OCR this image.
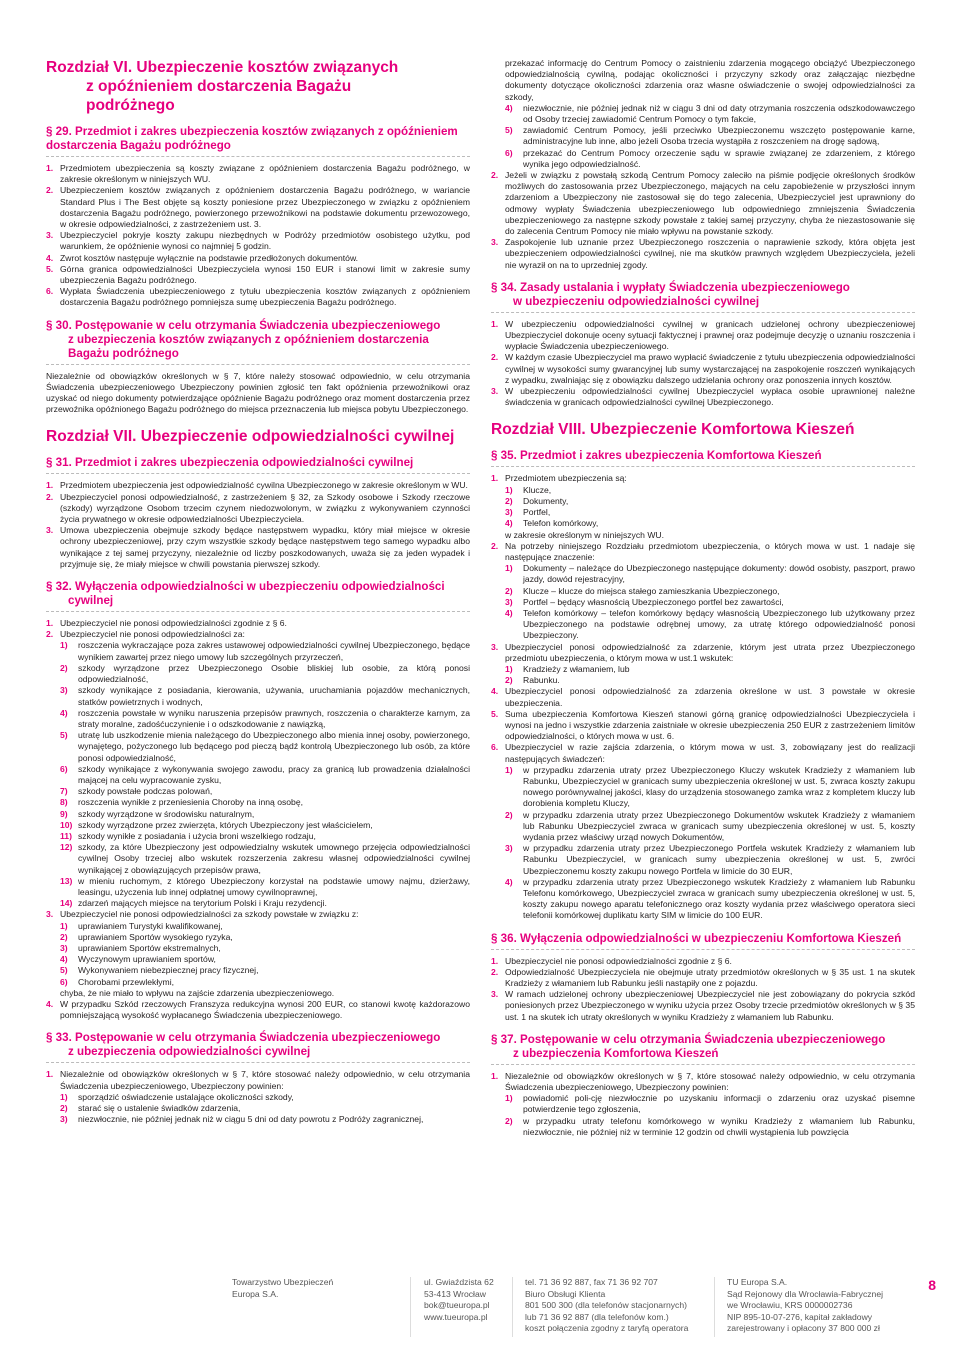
Rozdział VI. Ubezpieczenie kosztów związanych

z opóźnieniem dostarczenia Bagażu
podróżnego
§ 29. Przedmiot i zakres ubezpieczenia kosztów związanych z opóźnieniem dostarczenia Bagażu podróżnego
1. Przedmiotem ubezpieczenia są koszty związane z opóźnieniem dostarczenia Bagażu podróżnego, w zakresie określonym w niniejszych WU.
2. Ubezpieczeniem kosztów związanych z opóźnieniem dostarczenia Bagażu podróżnego, w wariancie Standard Plus i The Best objęte są koszty poniesione przez Ubezpieczonego w związku z opóźnieniem dostarczenia Bagażu podróżnego, powierzonego przewoźnikowi na podstawie dokumentu przewozowego, w okresie odpowiedzialności, z zastrzeżeniem ust. 3.
3. Ubezpieczyciel pokryje koszty zakupu niezbędnych w Podróży przedmiotów osobistego użytku, pod warunkiem, że opóźnienie wynosi co najmniej 5 godzin.
4. Zwrot kosztów następuje wyłącznie na podstawie przedłożonych dokumentów.
5. Górna granica odpowiedzialności Ubezpieczyciela wynosi 150 EUR i stanowi limit w zakresie sumy ubezpieczenia Bagażu podróżnego.
6. Wypłata Świadczenia ubezpieczeniowego z tytułu ubezpieczenia kosztów związanych z opóźnieniem dostarczenia Bagażu podróżnego pomniejsza sumę ubezpieczenia Bagażu podróżnego.
§ 30. Postępowanie w celu otrzymania Świadczenia ubezpieczeniowego
z ubezpieczenia kosztów związanych z opóźnieniem dostarczenia Bagażu podróżnego

Niezależnie od obowiązków określonych w § 7, które należy stosować odpowiednio, w celu otrzymania Świadczenia ubezpieczeniowego Ubezpieczony powinien zgłosić ten fakt opóźnienia przewoźnikowi oraz uzyskać od niego dokumenty potwierdzające opóźnienie Bagażu podróżnego oraz moment dostarczenia przez przewoźnika opóźnionego Bagażu podróżnego do miejsca przeznaczenia lub miejsca pobytu Ubezpieczonego.

Rozdział VII. Ubezpieczenie odpowiedzialności cywilnej
§ 31. Przedmiot i zakres ubezpieczenia odpowiedzialności cywilnej
1. Przedmiotem ubezpieczenia jest odpowiedzialność cywilna Ubezpieczonego w zakresie określonym w WU.
2. Ubezpieczyciel ponosi odpowiedzialność, z zastrzeżeniem § 32, za Szkody osobowe i Szkody rzeczowe (szkody) wyrządzone Osobom trzecim czynem niedozwolonym, w związku z wykonywaniem czynności życia prywatnego w okresie odpowiedzialności Ubezpieczyciela.
3. Umowa ubezpieczenia obejmuje szkody będące następstwem wypadku, który miał miejsce w okresie ochrony ubezpieczeniowej, przy czym wszystkie szkody będące następstwem tego samego wypadku albo wynikające z tej samej przyczyny, niezależnie od liczby poszkodowanych, uważa się za jeden wypadek i przyjmuje się, że miały miejsce w chwili powstania pierwszej szkody.
§ 32. Wyłączenia odpowiedzialności w ubezpieczeniu odpowiedzialności
cywilnej
1. Ubezpieczyciel nie ponosi odpowiedzialności zgodnie z § 6.
2. Ubezpieczyciel nie ponosi odpowiedzialności za:
1)	roszczenia wykraczające poza zakres ustawowej odpowiedzialności cywilnej Ubezpieczonego, będące wynikiem zawartej przez niego umowy lub szczególnych przyrzeczeń,
2)	szkody wyrządzone przez Ubezpieczonego Osobie bliskiej lub osobie, za którą ponosi odpowiedzialność,
3)	szkody wynikające z posiadania, kierowania, używania, uruchamiania pojazdów mechanicznych, statków powietrznych i wodnych,
4)	roszczenia powstałe w wyniku naruszenia przepisów prawnych, roszczenia o charakterze karnym, za straty moralne, zadośćuczynienie i o odszkodowanie z nawiązką,
5)	utratę lub uszkodzenie mienia należącego do Ubezpieczonego albo mienia innej osoby, powierzonego, wynajętego, pożyczonego lub będącego pod pieczą bądź kontrolą Ubezpieczonego lub osób, za które ponosi odpowiedzialność,
6)	szkody wynikające z wykonywania swojego zawodu, pracy za granicą lub prowadzenia działalności mającej na celu wypracowanie zysku,
7)	szkody powstałe podczas polowań,
8)	roszczenia wynikłe z przeniesienia Choroby na inną osobę,
9)	szkody wyrządzone w środowisku naturalnym,
10) szkody wyrządzone przez zwierzęta, których Ubezpieczony jest właścicielem,
11) szkody wynikłe z posiadania i użycia broni wszelkiego rodzaju,
12) szkody, za które Ubezpieczony jest odpowiedzialny wskutek umownego przejęcia odpowiedzialności cywilnej Osoby trzeciej albo wskutek rozszerzenia zakresu własnej odpowiedzialności cywilnej wynikającej z obowiązujących przepisów prawa,
13) w mieniu ruchomym, z którego Ubezpieczony korzystał na podstawie umowy najmu, dzierżawy, leasingu, użyczenia lub innej odpłatnej umowy cywilnoprawnej,
14) zdarzeń mających miejsce na terytorium Polski i Kraju rezydencji.
3. Ubezpieczyciel nie ponosi odpowiedzialności za szkody powstałe w związku z:
1)	uprawianiem Turystyki kwalifikowanej,
2)	uprawianiem Sportów wysokiego ryzyka,
3)	uprawianiem Sportów ekstremalnych,
4)	Wyczynowym uprawianiem sportów,
5)	Wykonywaniem niebezpiecznej pracy fizycznej,
6)	Chorobami przewlekłymi,

chyba, że nie miało to wpływu na zajście zdarzenia ubezpieczeniowego.

4. W przypadku Szkód rzeczowych Franszyza redukcyjna wynosi 200 EUR, co stanowi kwotę każdorazowo pomniejszającą wysokość wypłacanego Świadczenia ubezpieczeniowego.
§ 33. Postępowanie w celu otrzymania Świadczenia ubezpieczeniowego
z ubezpieczenia odpowiedzialności cywilnej
1. Niezależnie od obowiązków określonych w § 7, które stosować należy odpowiednio, w celu otrzymania Świadczenia ubezpieczeniowego, Ubezpieczony powinien:
1)	sporządzić oświadczenie ustalające okoliczności szkody,
2)	starać się o ustalenie świadków zdarzenia,
3)	niezwłocznie, nie później jednak niż w ciągu 5 dni od daty powrotu z Podróży zagranicznej,

przekazać informację do Centrum Pomocy o zaistnieniu zdarzenia mogącego obciążyć Ubezpieczonego odpowiedzialnością cywilną, podając okoliczności i przyczyny szkody oraz załączając niezbędne dokumenty dotyczące okoliczności zdarzenia oraz własne oświadczenie o swojej odpowiedzialności za szkody,

4)	niezwłocznie, nie później jednak niż w ciągu 3 dni od daty otrzymania roszczenia odszkodowawczego od Osoby trzeciej zawiadomić Centrum Pomocy o tym fakcie,
5)	zawiadomić Centrum Pomocy, jeśli przeciwko Ubezpieczonemu wszczęto postępowanie karne, administracyjne lub inne, albo jeżeli Osoba trzecia wystąpiła z roszczeniem na drogę sądową,
6)	przekazać do Centrum Pomocy orzeczenie sądu w sprawie związanej ze zdarzeniem, z którego wynika jego odpowiedzialność.
2. Jeżeli w związku z powstałą szkodą Centrum Pomocy zaleciło na piśmie podjęcie określonych środków możliwych do zastosowania przez Ubezpieczonego, mających na celu zapobieżenie w przyszłości innym zdarzeniom a Ubezpieczony nie zastosował się do tego zalecenia, Ubezpieczyciel jest uprawniony do odmowy wypłaty Świadczenia ubezpieczeniowego lub odpowiedniego zmniejszenia Świadczenia ubezpieczeniowego za następne szkody powstałe z takiej samej przyczyny, chyba że niezastosowanie się do zalecenia Centrum Pomocy nie miało wpływu na powstanie szkody.
3. Zaspokojenie lub uznanie przez Ubezpieczonego roszczenia o naprawienie szkody, która objęta jest ubezpieczeniem odpowiedzialności cywilnej, nie ma skutków prawnych względem Ubezpieczyciela, jeżeli nie wyraził on na to uprzedniej zgody.
§ 34. Zasady ustalania i wypłaty Świadczenia ubezpieczeniowego
w ubezpieczeniu odpowiedzialności cywilnej
1. W ubezpieczeniu odpowiedzialności cywilnej w granicach udzielonej ochrony ubezpieczeniowej Ubezpieczyciel dokonuje oceny sytuacji faktycznej i prawnej oraz podejmuje decyzję o uznaniu roszczenia i wypłacie Świadczenia ubezpieczeniowego.
2. W każdym czasie Ubezpieczyciel ma prawo wypłacić świadczenie z tytułu ubezpieczenia odpowiedzialności cywilnej w wysokości sumy gwarancyjnej lub sumy wystarczającej na zaspokojenie roszczeń wynikających z wypadku, zwalniając się z obowiązku dalszego udzielania ochrony oraz ponoszenia innych kosztów.
3. W ubezpieczeniu odpowiedzialności cywilnej Ubezpieczyciel wypłaca osobie uprawnionej należne świadczenia w granicach odpowiedzialności cywilnej Ubezpieczonego.
Rozdział VIII. Ubezpieczenie Komfortowa Kieszeń
§ 35. Przedmiot i zakres ubezpieczenia Komfortowa Kieszeń
1. Przedmiotem ubezpieczenia są:
1)	Klucze,
2)	Dokumenty,
3)	Portfel,
4)	Telefon komórkowy,

w zakresie określonym w niniejszych WU.

2. Na potrzeby niniejszego Rozdziału przedmiotom ubezpieczenia, o których mowa w ust. 1 nadaje się następujące znaczenie:
1)	Dokumenty – należące do Ubezpieczonego następujące dokumenty: dowód osobisty, paszport, prawo jazdy, dowód rejestracyjny,
2)	Klucze – klucze do miejsca stałego zamieszkania Ubezpieczonego,
3)	Portfel – będący własnością Ubezpieczonego portfel bez zawartości,
4)	Telefon komórkowy – telefon komórkowy będący własnością Ubezpieczonego lub użytkowany przez Ubezpieczonego na podstawie odrębnej umowy, za utratę którego odpowiedzialność ponosi Ubezpieczony.
3. Ubezpieczyciel ponosi odpowiedzialność za zdarzenie, którym jest utrata przez Ubezpieczonego przedmiotu ubezpieczenia, o którym mowa w ust.1 wskutek:
1)	Kradzieży z włamaniem, lub
2)	Rabunku.
4. Ubezpieczyciel ponosi odpowiedzialność za zdarzenia określone w ust. 3 powstałe w okresie ubezpieczenia.
5. Suma ubezpieczenia Komfortowa Kieszeń stanowi górną granicę odpowiedzialności Ubezpieczyciela i wynosi na jedno i wszystkie zdarzenia zaistniałe w okresie ubezpieczenia 250 EUR z zastrzeżeniem limitów odpowiedzialności, o których mowa w ust. 6.
6. Ubezpieczyciel w razie zajścia zdarzenia, o którym mowa w ust. 3, zobowiązany jest do realizacji następujących świadczeń:
1)	w przypadku zdarzenia utraty przez Ubezpieczonego Kluczy wskutek Kradzieży z włamaniem lub Rabunku, Ubezpieczyciel w granicach sumy ubezpieczenia określonej w ust. 5, zwraca koszty zakupu nowego porównywalnej jakości, klasy do urządzenia stosowanego zamka wraz z kompletem kluczy lub dorobienia kompletu Kluczy,
2)	w przypadku zdarzenia utraty przez Ubezpieczonego Dokumentów wskutek Kradzieży z włamaniem lub Rabunku Ubezpieczyciel zwraca w granicach sumy ubezpieczenia określonej w ust. 5, koszty wydania przez właściwy urząd nowych Dokumentów,
3)	w przypadku zdarzenia utraty przez Ubezpieczonego Portfela wskutek Kradzieży z włamaniem lub Rabunku Ubezpieczyciel, w granicach sumy ubezpieczenia określonej w ust. 5, zwróci Ubezpieczonemu koszty zakupu nowego Portfela w limicie do 30 EUR,
4)	w przypadku zdarzenia utraty przez Ubezpieczonego wskutek Kradzieży z włamaniem lub Rabunku Telefonu komórkowego, Ubezpieczyciel zwraca w granicach sumy ubezpieczenia określonej w ust. 5, koszty zakupu nowego aparatu telefonicznego oraz koszty wydania przez właściwego operatora sieci telefonii komórkowej duplikatu karty SIM w limicie do 100 EUR.
§ 36. Wyłączenia odpowiedzialności w ubezpieczeniu Komfortowa Kieszeń
1. Ubezpieczyciel nie ponosi odpowiedzialności zgodnie z § 6.
2. Odpowiedzialność Ubezpieczyciela nie obejmuje utraty przedmiotów określonych w § 35 ust. 1 na skutek Kradzieży z włamaniem lub Rabunku jeśli nastąpiły one z pojazdu.
3. W ramach udzielonej ochrony ubezpieczeniowej Ubezpieczyciel nie jest zobowiązany do pokrycia szkód poniesionych przez Ubezpieczonego w wyniku użycia przez Osoby trzecie przedmiotów określonych w § 35 ust. 1 na skutek ich utraty określonych w wyniku Kradzieży z włamaniem lub Rabunku.
§ 37. Postępowanie w celu otrzymania Świadczenia ubezpieczeniowego
z ubezpieczenia Komfortowa Kieszeń
1. Niezależnie od obowiązków określonych w § 7, które stosować należy odpowiednio, w celu otrzymania Świadczenia ubezpieczeniowego, Ubezpieczony powinien:
1)	powiadomić poli-cję niezwłocznie po uzyskaniu informacji o zdarzeniu oraz uzyskać pisemne potwierdzenie tego zgłoszenia,
2)	w przypadku utraty telefonu komórkowego w wyniku Kradzieży z włamaniem lub Rabunku, niezwłocznie, nie później niż w terminie 12 godzin od chwili wystąpienia lub powzięcia
Towarzystwo Ubezpieczeń
Europa S.A.
ul. Gwiaździsta 62
53-413 Wrocław
bok@tueuropa.pl
www.tueuropa.pl
tel. 71 36 92 887, fax 71 36 92 707
Biuro Obsługi Klienta
801 500 300 (dla telefonów stacjonarnych)
lub 71 36 92 887 (dla telefonów kom.)
koszt połączenia zgodny z taryfą operatora
TU Europa S.A.
Sąd Rejonowy dla Wrocławia-Fabrycznej
we Wrocławiu, KRS 0000002736
NIP 895-10-07-276, kapitał zakładowy
zarejestrowany i opłacony 37 800 000 zł
8
